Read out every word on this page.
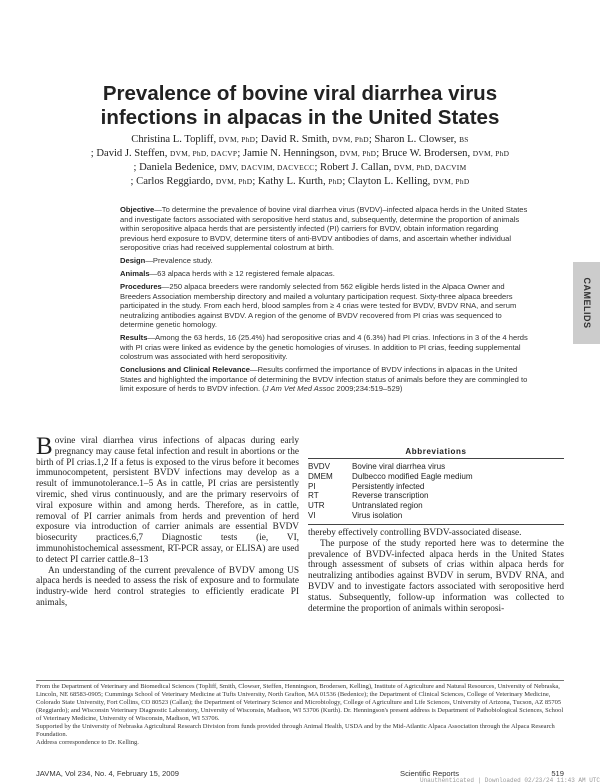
Prevalence of bovine viral diarrhea virus
infections in alpacas in the United States
Christina L. Topliff, DVM, PhD; David R. Smith, DVM, PhD; Sharon L. Clowser, BS
; David J. Steffen, DVM, PhD, DACVP; Jamie N. Henningson, DVM, PhD; Bruce W. Brodersen, DVM, PhD
; Daniela Bedenice, DMV, DACVIM, DACVECC; Robert J. Callan, DVM, PhD, DACVIM
; Carlos Reggiardo, DVM, PhD; Kathy L. Kurth, PhD; Clayton L. Kelling, DVM, PhD

Objective—To determine the prevalence of bovine viral diarrhea virus (BVDV)–infected alpaca herds in the United States and investigate factors associated with seropositive herd status and, subsequently, determine the proportion of animals within seropositive alpaca herds that are persistently infected (PI) carriers for BVDV, obtain information regarding previous herd exposure to BVDV, determine titers of anti-BVDV antibodies of dams, and ascertain whether individual seropositive crias had received supplemental colostrum at birth.

Design—Prevalence study.

Animals—63 alpaca herds with ≥ 12 registered female alpacas.

Procedures—250 alpaca breeders were randomly selected from 562 eligible herds listed in the Alpaca Owner and Breeders Association membership directory and mailed a voluntary participation request. Sixty-three alpaca breeders participated in the study. From each herd, blood samples from ≥ 4 crias were tested for BVDV, BVDV RNA, and serum neutralizing antibodies against BVDV. A region of the genome of BVDV recovered from PI crias was sequenced to determine genetic homology.

Results—Among the 63 herds, 16 (25.4%) had seropositive crias and 4 (6.3%) had PI crias. Infections in 3 of the 4 herds with PI crias were linked as evidence by the genetic homologies of viruses. In addition to PI crias, feeding supplemental colostrum was associated with herd seropositivity.

Conclusions and Clinical Relevance—Results confirmed the importance of BVDV infections in alpacas in the United States and highlighted the importance of determining the BVDV infection status of animals before they are commingled to limit exposure of herds to BVDV infection. (J Am Vet Med Assoc 2009;234:519–529)

CAMELIDS

Bovine viral diarrhea virus infections of alpacas during early pregnancy may cause fetal infection and result in abortions or the birth of PI crias.1,2 If a fetus is exposed to the virus before it becomes immunocompetent, persistent BVDV infections may develop as a result of immunotolerance.1–5 As in cattle, PI crias are persistently viremic, shed virus continuously, and are the primary reservoirs of viral exposure within and among herds. Therefore, as in cattle, removal of PI carrier animals from herds and prevention of herd exposure via introduction of carrier animals are essential BVDV biosecurity practices.6,7 Diagnostic tests (ie, VI, immunohistochemical assessment, RT-PCR assay, or ELISA) are used to detect PI carrier cattle.8–13

An understanding of the current prevalence of BVDV among US alpaca herds is needed to assess the risk of exposure and to formulate industry-wide herd control strategies to efficiently eradicate PI animals,

Abbreviations
BVDV	Bovine viral diarrhea virus
DMEM	Dulbecco modified Eagle medium
PI	Persistently infected
RT	Reverse transcription
UTR	Untranslated region
VI	Virus isolation

thereby effectively controlling BVDV-associated disease.

The purpose of the study reported here was to determine the prevalence of BVDV-infected alpaca herds in the United States through assessment of subsets of crias within alpaca herds for neutralizing antibodies against BVDV in serum, BVDV RNA, and BVDV and to investigate factors associated with seropositive herd status. Subsequently, follow-up information was collected to determine the proportion of animals within seroposi-

From the Department of Veterinary and Biomedical Sciences (Topliff, Smith, Clowser, Steffen, Henningson, Brodersen, Kelling), Institute of Agriculture and Natural Resources, University of Nebraska, Lincoln, NE 68583-0905; Cummings School of Veterinary Medicine at Tufts University, North Grafton, MA 01536 (Bedenice); the Department of Clinical Sciences, College of Veterinary Medicine, Colorado State University, Fort Collins, CO 80523 (Callan); the Department of Veterinary Science and Microbiology, College of Agriculture and Life Sciences, University of Arizona, Tucson, AZ 85705 (Reggiardo); and Wisconsin Veterinary Diagnostic Laboratory, University of Wisconsin, Madison, WI 53706 (Kurth). Dr. Henningson's present address is Department of Pathobiological Sciences, School of Veterinary Medicine, University of Wisconsin, Madison, WI 53706.

Supported by the University of Nebraska Agricultural Research Division from funds provided through Animal Health, USDA and by the Mid-Atlantic Alpaca Association through the Alpaca Research Foundation.

Address correspondence to Dr. Kelling.

JAVMA, Vol 234, No. 4, February 15, 2009	Scientific Reports	519
Unauthenticated | Downloaded 02/23/24 11:43 AM UTC
